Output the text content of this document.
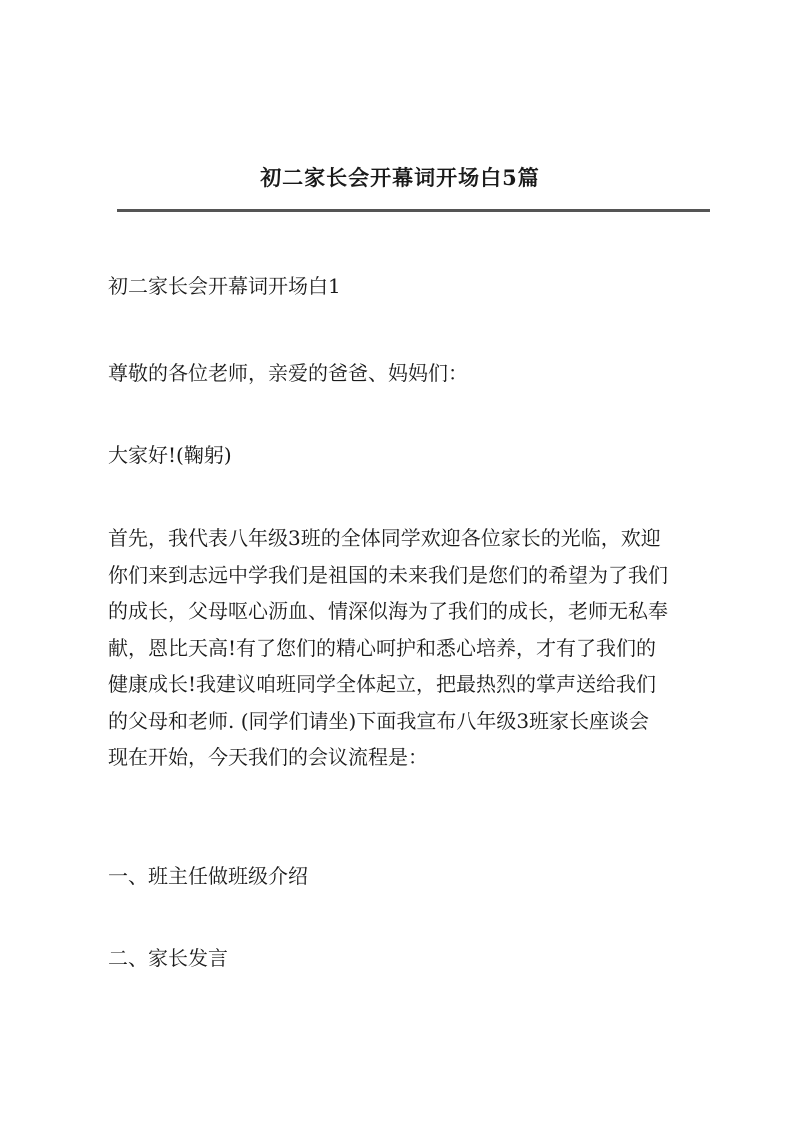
初二家长会开幕词开场白5篇

初二家长会开幕词开场白1

尊敬的各位老师，亲爱的爸爸、妈妈们：

大家好!(鞠躬)

首先，我代表八年级3班的全体同学欢迎各位家长的光临，欢迎
你们来到志远中学我们是祖国的未来我们是您们的希望为了我们
的成长，父母呕心沥血、情深似海为了我们的成长，老师无私奉
献，恩比天高!有了您们的精心呵护和悉心培养，才有了我们的
健康成长!我建议咱班同学全体起立，把最热烈的掌声送给我们
的父母和老师. (同学们请坐)下面我宣布八年级3班家长座谈会
现在开始，今天我们的会议流程是：

一、班主任做班级介绍

二、家长发言
